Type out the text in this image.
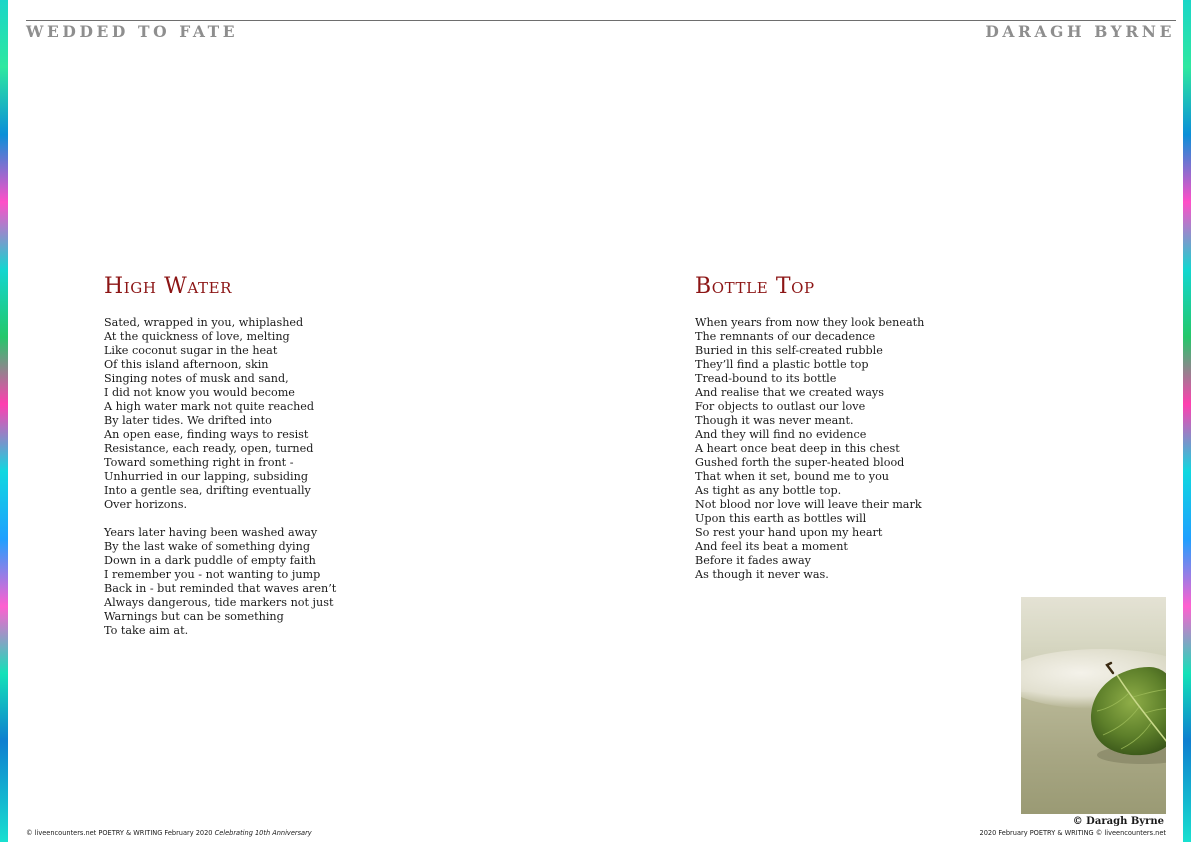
WEDDED TO FATE	DARAGH BYRNE
High Water
Sated, wrapped in you, whiplashed
At the quickness of love, melting
Like coconut sugar in the heat
Of this island afternoon, skin
Singing notes of musk and sand,
I did not know you would become
A high water mark not quite reached
By later tides. We drifted into
An open ease, finding ways to resist
Resistance, each ready, open, turned
Toward something right in front -
Unhurried in our lapping, subsiding
Into a gentle sea, drifting eventually
Over horizons.
Years later having been washed away
By the last wake of something dying
Down in a dark puddle of empty faith
I remember you - not wanting to jump
Back in - but reminded that waves aren’t
Always dangerous, tide markers not just
Warnings but can be something
To take aim at.
Bottle Top
When years from now they look beneath
The remnants of our decadence
Buried in this self-created rubble
They’ll find a plastic bottle top
Tread-bound to its bottle
And realise that we created ways
For objects to outlast our love
Though it was never meant.
And they will find no evidence
A heart once beat deep in this chest
Gushed forth the super-heated blood
That when it set, bound me to you
As tight as any bottle top.
Not blood nor love will leave their mark
Upon this earth as bottles will
So rest your hand upon my heart
And feel its beat a moment
Before it fades away
As though it never was.
© Daragh Byrne
© liveencounters.net POETRY & WRITING February 2020 Celebrating 10th Anniversary	2020 February POETRY & WRITING © liveencounters.net
